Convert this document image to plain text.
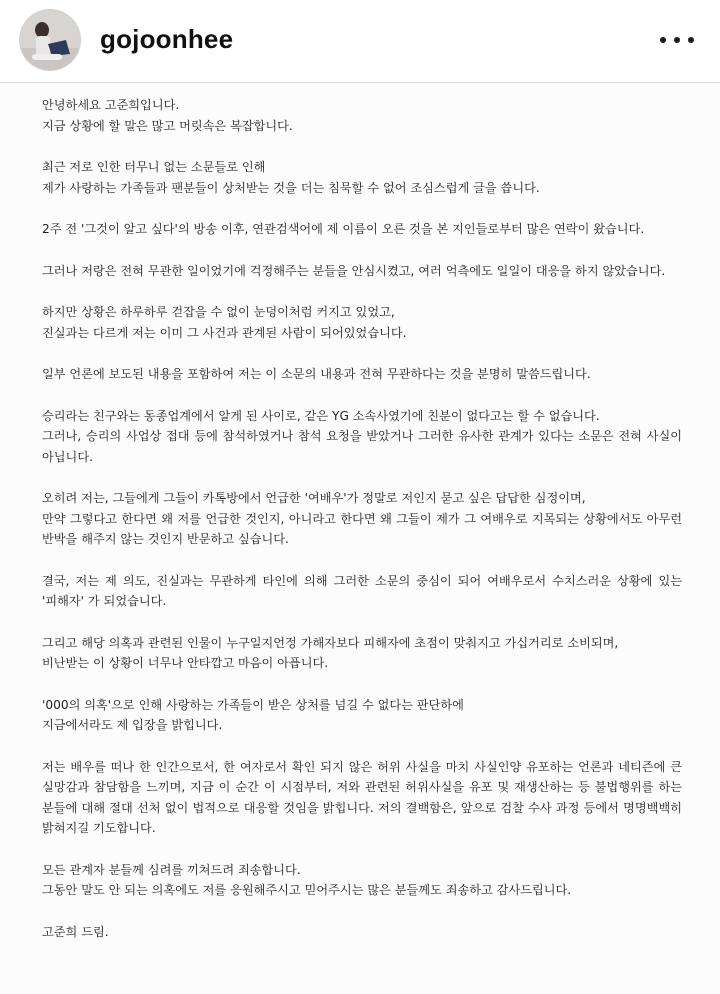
gojoonhee

안녕하세요 고준희입니다.
지금 상황에 할 말은 많고 머릿속은 복잡합니다.

최근 저로 인한 터무니 없는 소문들로 인해
제가 사랑하는 가족들과 팬분들이 상처받는 것을 더는 침묵할 수 없어 조심스럽게 글을 씁니다.

2주 전 '그것이 알고 싶다'의 방송 이후, 연관검색어에 제 이름이 오른 것을 본 지인들로부터 많은 연락이 왔습니다.

그러나 저랑은 전혀 무관한 일이었기에 걱정해주는 분들을 안심시켰고, 여러 억측에도 일일이 대응을 하지 않았습니다.

하지만 상황은 하루하루 걷잡을 수 없이 눈덩이처럼 커지고 있었고,
진실과는 다르게 저는 이미 그 사건과 관계된 사람이 되어있었습니다.

일부 언론에 보도된 내용을 포함하여 저는 이 소문의 내용과 전혀 무관하다는 것을 분명히 말씀드립니다.

승리라는 친구와는 동종업계에서 알게 된 사이로, 같은 YG 소속사였기에 친분이 없다고는 할 수 없습니다.
그러나, 승리의 사업상 접대 등에 참석하였거나 참석 요청을 받았거나 그러한 유사한 관계가 있다는 소문은 전혀 사실이 아닙니다.

오히려 저는, 그들에게 그들이 카톡방에서 언급한 '여배우'가 정말로 저인지 묻고 싶은 답답한 심정이며,
만약 그렇다고 한다면 왜 저를 언급한 것인지, 아니라고 한다면 왜 그들이 제가 그 여배우로 지목되는 상황에서도 아무런 반박을 해주지 않는 것인지 반문하고 싶습니다.

결국, 저는 제 의도, 진실과는 무관하게 타인에 의해 그러한 소문의 중심이 되어 여배우로서 수치스러운 상황에 있는 '피해자' 가 되었습니다.

그리고 해당 의혹과 관련된 인물이 누구일지언정 가해자보다 피해자에 초점이 맞춰지고 가십거리로 소비되며,
비난받는 이 상황이 너무나 안타깝고 마음이 아픕니다.

'000의 의혹'으로 인해 사랑하는 가족들이 받은 상처를 넘길 수 없다는 판단하에
지금에서라도 제 입장을 밝힙니다.

저는 배우를 떠나 한 인간으로서, 한 여자로서 확인 되지 않은 허위 사실을 마치 사실인양 유포하는 언론과 네티즌에 큰 실망감과 참담함을 느끼며, 지금 이 순간 이 시점부터, 저와 관련된 허위사실을 유포 및 재생산하는 등 불법행위를 하는 분들에 대해 절대 선처 없이 법적으로 대응할 것임을 밝힙니다. 저의 결백함은, 앞으로 검찰 수사 과정 등에서 명명백백히 밝혀지길 기도합니다.

모든 관계자 분들께 심려를 끼쳐드려 죄송합니다.
그동안 말도 안 되는 의혹에도 저를 응원해주시고 믿어주시는 많은 분들께도 죄송하고 감사드립니다.

고준희 드림.
